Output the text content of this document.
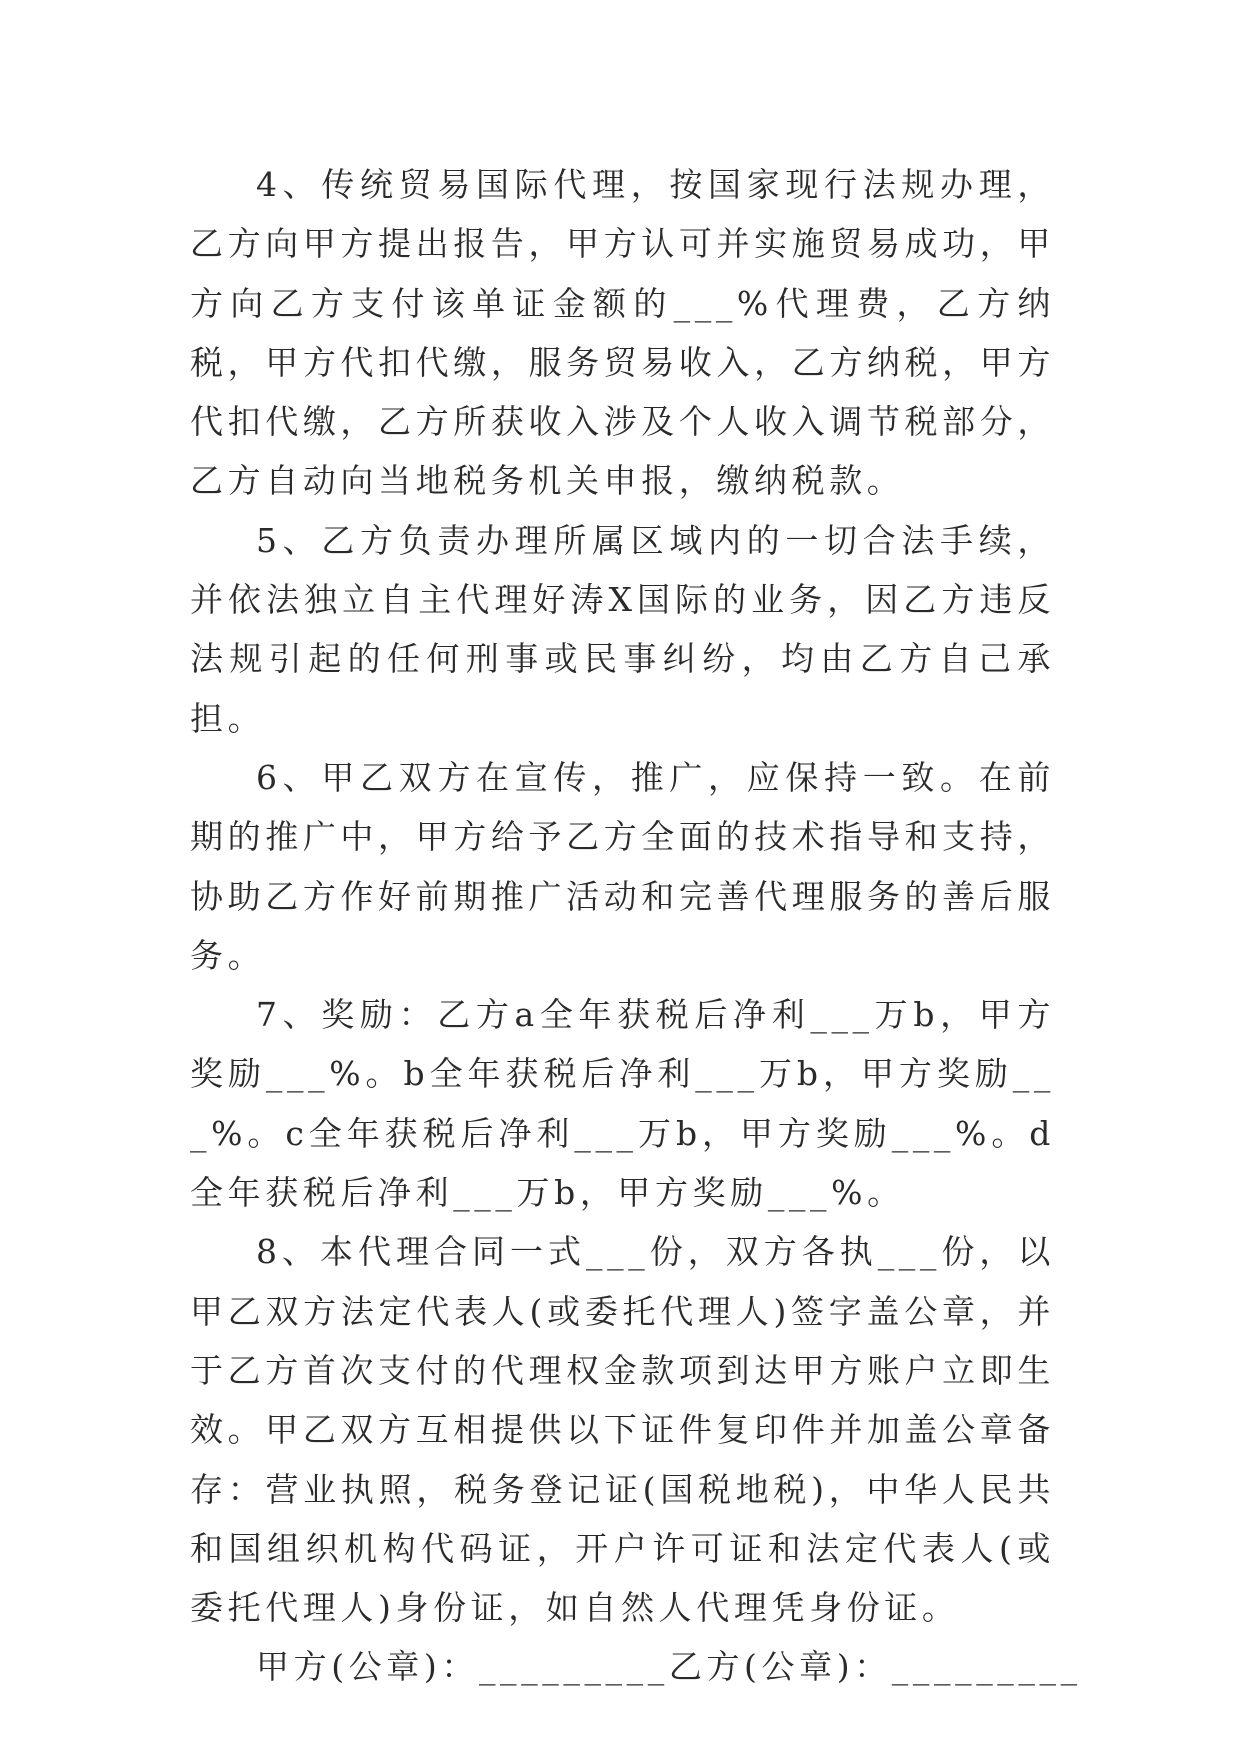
4、传统贸易国际代理，按国家现行法规办理，乙方向甲方提出报告，甲方认可并实施贸易成功，甲方向乙方支付该单证金额的___%代理费，乙方纳税，甲方代扣代缴，服务贸易收入，乙方纳税，甲方代扣代缴，乙方所获收入涉及个人收入调节税部分，乙方自动向当地税务机关申报，缴纳税款。

5、乙方负责办理所属区域内的一切合法手续，并依法独立自主代理好涛X国际的业务，因乙方违反法规引起的任何刑事或民事纠纷，均由乙方自己承担。

6、甲乙双方在宣传，推广，应保持一致。在前期的推广中，甲方给予乙方全面的技术指导和支持，协助乙方作好前期推广活动和完善代理服务的善后服务。

7、奖励：乙方a全年获税后净利___万b，甲方奖励___%。b全年获税后净利___万b，甲方奖励___%。c全年获税后净利___万b，甲方奖励___%。d全年获税后净利___万b，甲方奖励___%。

8、本代理合同一式___份，双方各执___份，以甲乙双方法定代表人(或委托代理人)签字盖公章，并于乙方首次支付的代理权金款项到达甲方账户立即生效。甲乙双方互相提供以下证件复印件并加盖公章备存：营业执照，税务登记证(国税地税)，中华人民共和国组织机构代码证，开户许可证和法定代表人(或委托代理人)身份证，如自然人代理凭身份证。

甲方(公章)：_________乙方(公章)：_________
